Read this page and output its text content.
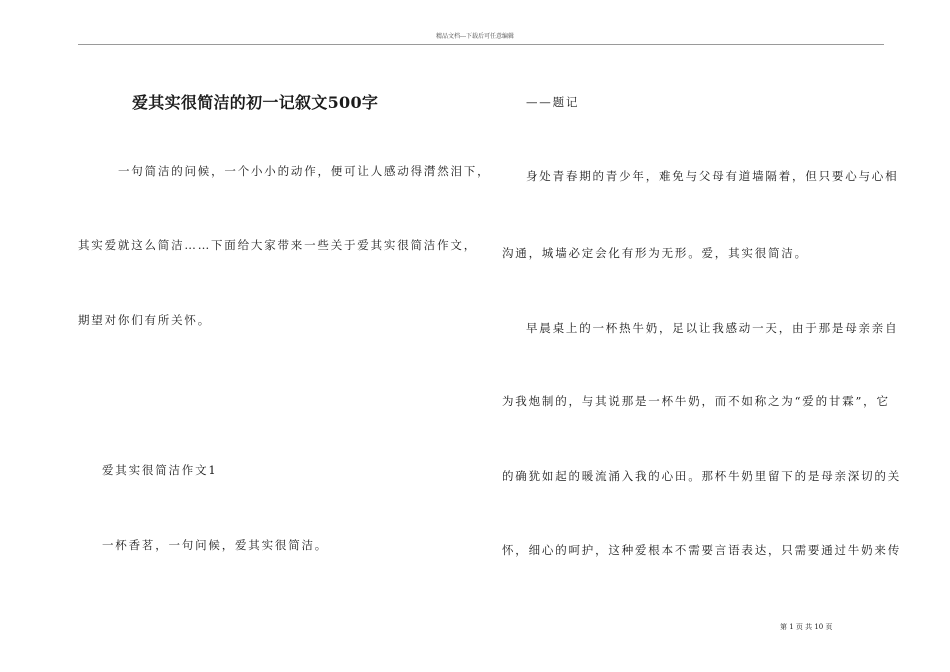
精品文档---下载后可任意编辑
爱其实很简洁的初一记叙文500字
一句简洁的问候，一个小小的动作，便可让人感动得潸然泪下，
其实爱就这么简洁……下面给大家带来一些关于爱其实很简洁作文，
期望对你们有所关怀。
爱其实很简洁作文1
一杯香茗，一句问候，爱其实很简洁。
——题记
身处青春期的青少年，难免与父母有道墙隔着，但只要心与心相
沟通，城墙必定会化有形为无形。爱，其实很简洁。
早晨桌上的一杯热牛奶，足以让我感动一天，由于那是母亲亲自
为我炮制的，与其说那是一杯牛奶，而不如称之为“爱的甘霖”，它
的确犹如起的暖流涌入我的心田。那杯牛奶里留下的是母亲深切的关
怀，细心的呵护，这种爱根本不需要言语表达，只需要通过牛奶来传
第 1 页 共 10 页
